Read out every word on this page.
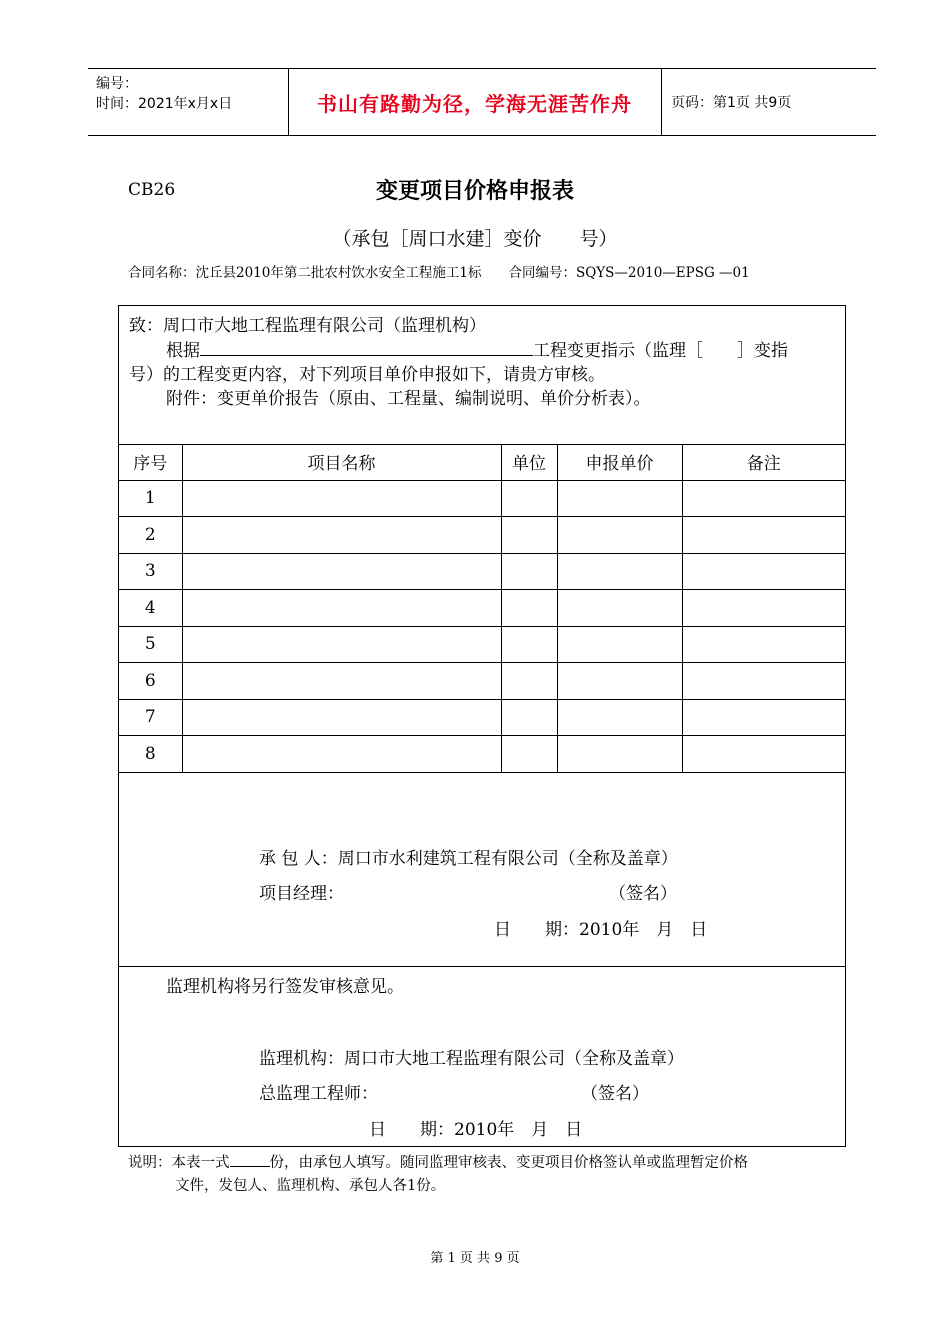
编号：
时间：2021年x月x日	书山有路勤为径，学海无涯苦作舟	页码：第1页 共9页
CB26	变更项目价格申报表
（承包［周口水建］变价　　号）
合同名称：沈丘县2010年第二批农村饮水安全工程施工1标　　合同编号：SQYS—2010—EPSG —01
致：周口市大地工程监理有限公司（监理机构）
根据	工程变更指示（监理［　　］变指
号）的工程变更内容，对下列项目单价申报如下，请贵方审核。
附件：变更单价报告（原由、工程量、编制说明、单价分析表）。
序号	项目名称	单位	申报单价	备注
1				
2				
3				
4				
5				
6				
7				
8				
承 包 人：周口市水利建筑工程有限公司（全称及盖章）
项目经理：	（签名）
日　　期：2010年　月　日
监理机构将另行签发审核意见。
监理机构：周口市大地工程监理有限公司（全称及盖章）
总监理工程师：	（签名）
日　　期：2010年　月　日
说明：本表一式	份，由承包人填写。随同监理审核表、变更项目价格签认单或监理暂定价格
文件，发包人、监理机构、承包人各1份。
第 1 页 共 9 页
